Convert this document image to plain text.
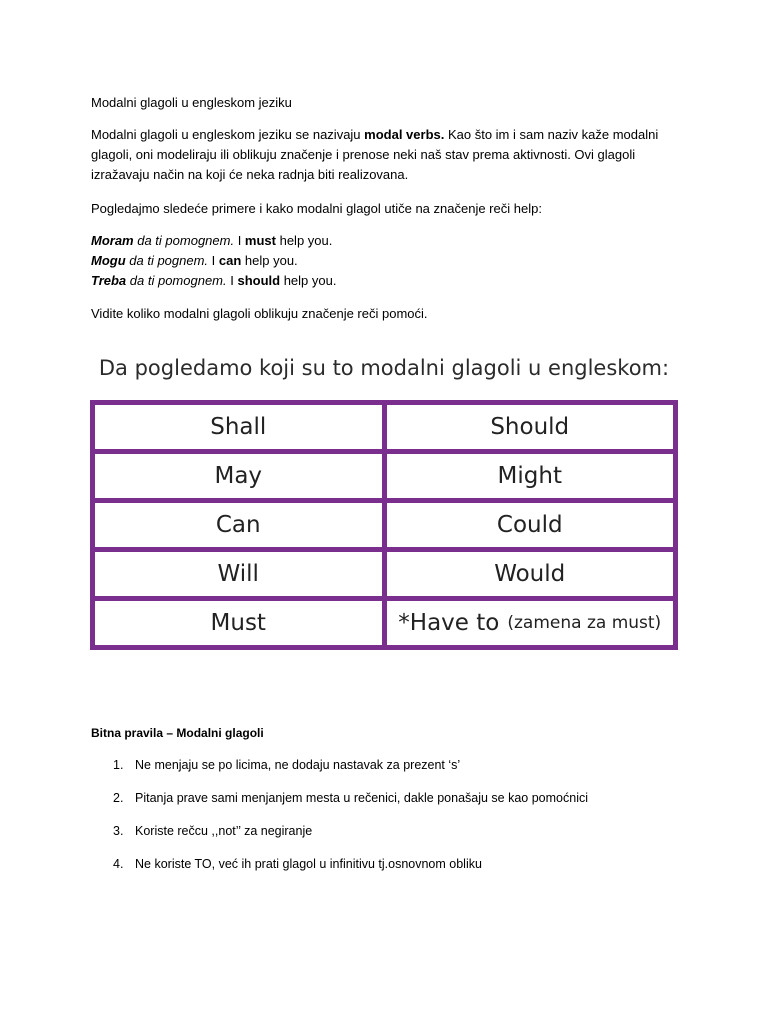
Modalni glagoli u engleskom jeziku

Modalni glagoli u engleskom jeziku se nazivaju modal verbs. Kao što im i sam naziv kaže modalni glagoli, oni modeliraju ili oblikuju značenje i prenose neki naš stav prema aktivnosti. Ovi glagoli izražavaju način na koji će neka radnja biti realizovana.

Pogledajmo sledeće primere i kako modalni glagol utiče na značenje reči help:

Moram da ti pomognem. I must help you.
Mogu da ti pognem. I can help you.
Treba da ti pomognem. I should help you.

Vidite koliko modalni glagoli oblikuju značenje reči pomoći.

Da pogledamo koji su to modalni glagoli u engleskom:
Shall	Should
May	Might
Can	Could
Will	Would
Must	*Have to (zamena za must)
Bitna pravila – Modalni glagoli
1. Ne menjaju se po licima, ne dodaju nastavak za prezent ‘s’
2. Pitanja prave sami menjanjem mesta u rečenici, dakle ponašaju se kao pomoćnici
3. Koriste rečcu ,,not’’ za negiranje
4. Ne koriste TO, već ih prati glagol u infinitivu tj.osnovnom obliku
